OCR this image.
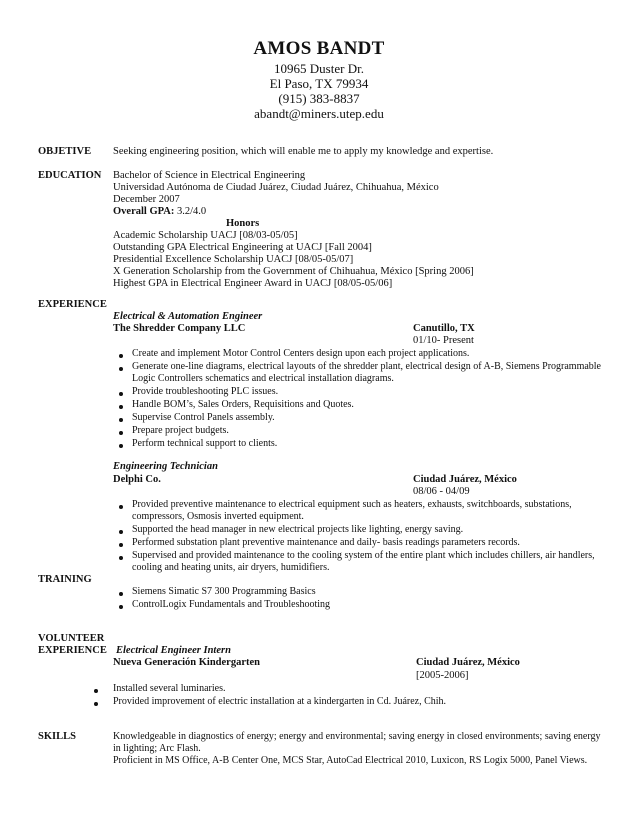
AMOS BANDT
10965 Duster Dr.
El Paso, TX 79934
(915) 383-8837
abandt@miners.utep.edu
OBJETIVE Seeking engineering position, which will enable me to apply my knowledge and expertise.
EDUCATION Bachelor of Science in Electrical Engineering
Universidad Autónoma de Ciudad Juárez, Ciudad Juárez, Chihuahua, México
December 2007
Overall GPA: 3.2/4.0
Honors
Academic Scholarship UACJ [08/03-05/05]
Outstanding GPA Electrical Engineering at UACJ [Fall 2004]
Presidential Excellence Scholarship UACJ [08/05-05/07]
X Generation Scholarship from the Government of Chihuahua, México [Spring 2006]
Highest GPA in Electrical Engineer Award in UACJ [08/05-05/06]
EXPERIENCE
Electrical & Automation Engineer
The Shredder Company LLC	Canutillo, TX
01/10- Present
Create and implement Motor Control Centers design upon each project applications.
Generate one-line diagrams, electrical layouts of the shredder plant, electrical design of A-B, Siemens Programmable
Logic Controllers schematics and electrical installation diagrams.
Provide troubleshooting PLC issues.
Handle BOM’s, Sales Orders, Requisitions and Quotes.
Supervise Control Panels assembly.
Prepare project budgets.
Perform technical support to clients.
Engineering Technician
Delphi Co.	Ciudad Juárez, México
08/06 - 04/09
Provided preventive maintenance to electrical equipment such as heaters, exhausts, switchboards, substations,
compressors, Osmosis inverted equipment.
Supported the head manager in new electrical projects like lighting, energy saving.
Performed substation plant preventive maintenance and daily- basis readings parameters records.
Supervised and provided maintenance to the cooling system of the entire plant which includes chillers, air handlers,
cooling and heating units, air dryers, humidifiers.
TRAINING
Siemens Simatic S7 300 Programming Basics
ControlLogix Fundamentals and Troubleshooting
VOLUNTEER
EXPERIENCE Electrical Engineer Intern
Nueva Generación Kindergarten	Ciudad Juárez, México
[2005-2006]
Installed several luminaries.
Provided improvement of electric installation at a kindergarten in Cd. Juárez, Chih.
SKILLS	Knowledgeable in diagnostics of energy; energy and environmental; saving energy in closed environments; saving energy
in lighting; Arc Flash.
Proficient in MS Office, A-B Center One, MCS Star, AutoCad Electrical 2010, Luxicon, RS Logix 5000, Panel Views.
